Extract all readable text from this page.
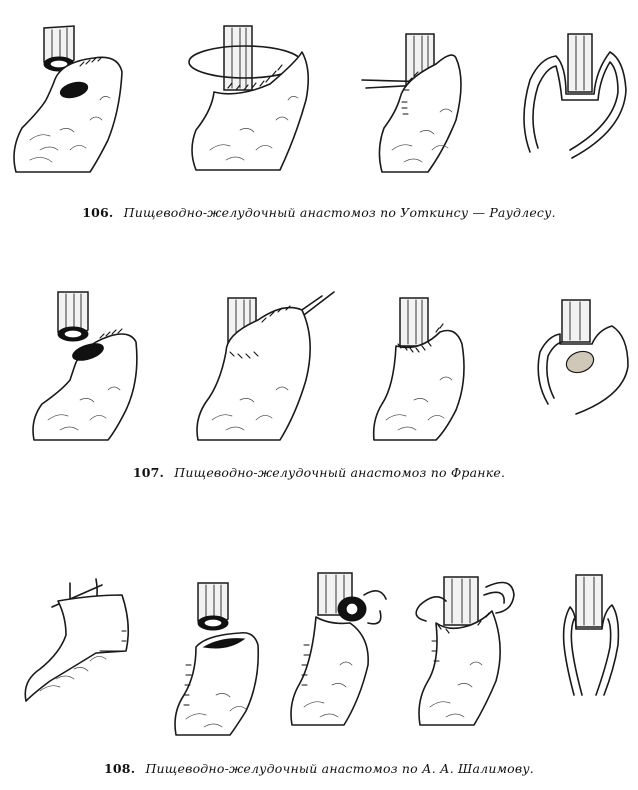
106. Пищеводно-желудочный анастомоз по Уоткинсу — Раудлесу.
107. Пищеводно-желудочный анастомоз по Франке.
108. Пищеводно-желудочный анастомоз по А. А. Шалимову.
